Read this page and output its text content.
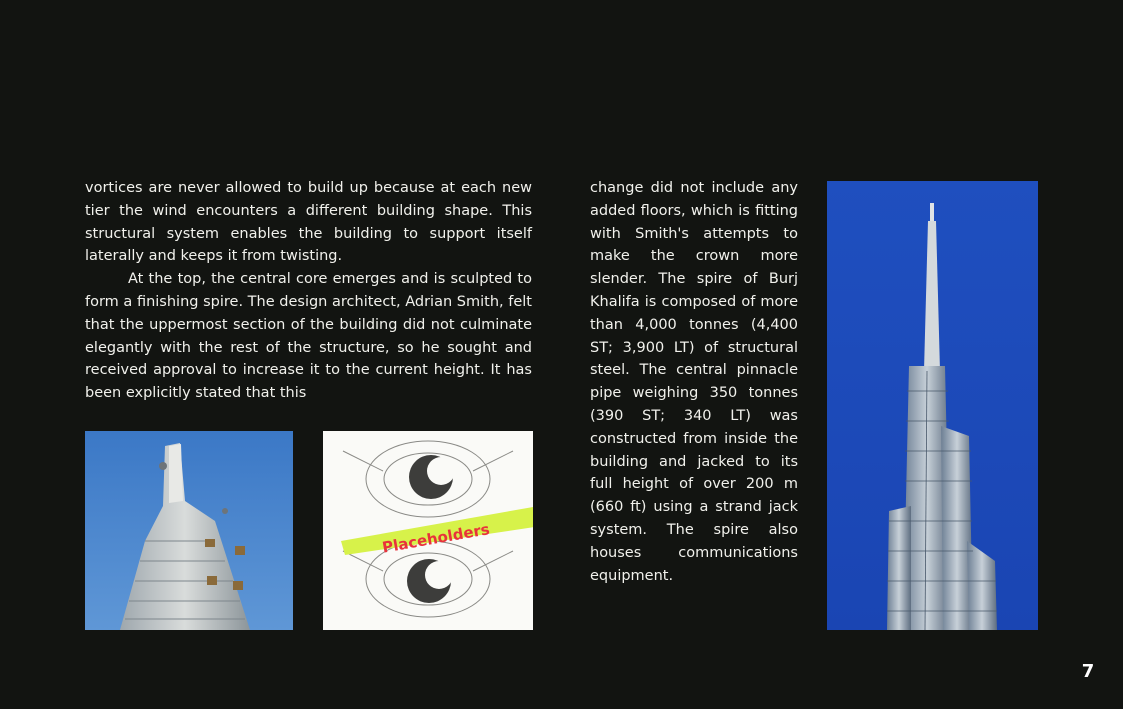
vortices are never allowed to build up because at each new tier the wind encounters a different building shape. This structural system enables the building to support itself laterally and keeps it from twisting.

At the top, the central core emerges and is sculpted to form a finishing spire. The design architect, Adrian Smith, felt that the uppermost section of the building did not culminate elegantly with the rest of the structure, so he sought and received approval to increase it to the current height. It has been explicitly stated that this

change did not include any added floors, which is fitting with Smith's attempts to make the crown more slender. The spire of Burj Khalifa is composed of more than 4,000 tonnes (4,400 ST; 3,900 LT) of structural steel. The central pinnacle pipe weighing 350 tonnes (390 ST; 340 LT) was constructed from inside the building and jacked to its full height of over 200 m (660 ft) using a strand jack system. The spire also houses communications equipment.

Placeholders
7
